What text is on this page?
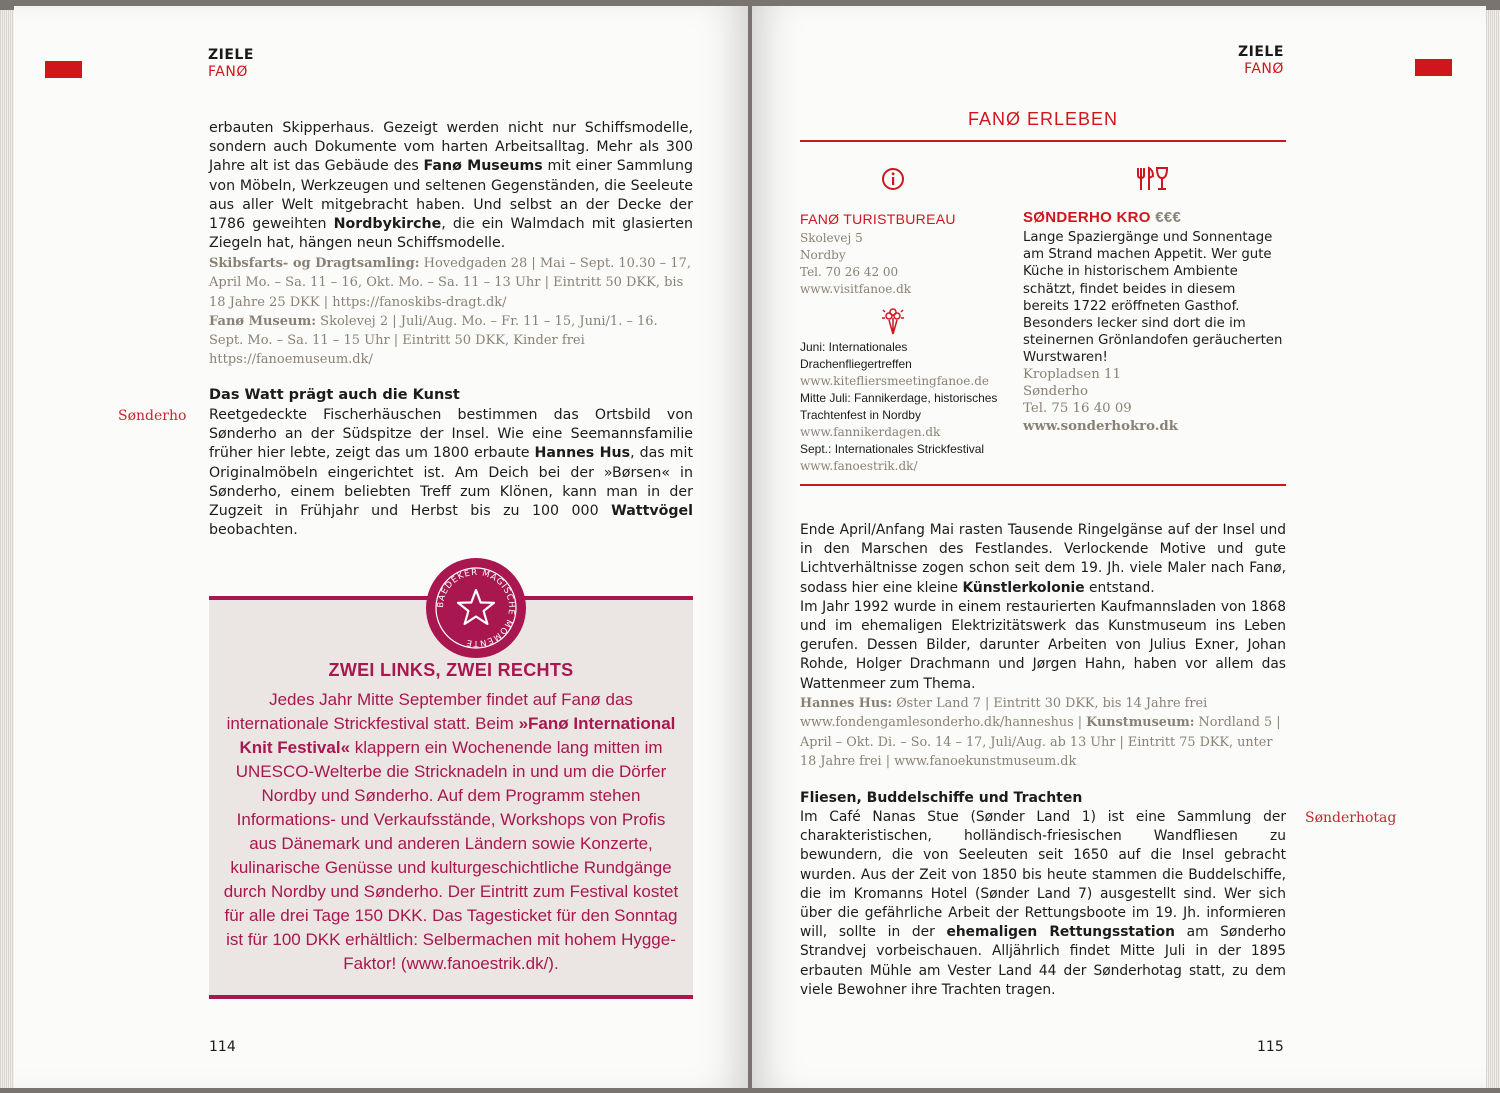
ZIELE
FANØ
erbauten Skipperhaus. Gezeigt werden nicht nur Schiffsmodelle, sondern auch Dokumente vom harten Arbeitsalltag. Mehr als 300 Jahre alt ist das Gebäude des Fanø Museums mit einer Sammlung von Möbeln, Werkzeugen und seltenen Gegenständen, die Seeleute aus aller Welt mitgebracht haben. Und selbst an der Decke der 1786 geweihten Nordbykirche, die ein Walmdach mit glasierten Ziegeln hat, hängen neun Schiffsmodelle.
Skibsfarts- og Dragtsamling: Hovedgaden 28 | Mai – Sept. 10.30 – 17, April Mo. – Sa. 11 – 16, Okt. Mo. – Sa. 11 – 13 Uhr | Eintritt 50 DKK, bis 18 Jahre 25 DKK | https://fanoskibs-dragt.dk/
Fanø Museum: Skolevej 2 | Juli/Aug. Mo. – Fr. 11 – 15, Juni/1. – 16. Sept. Mo. – Sa. 11 – 15 Uhr | Eintritt 50 DKK, Kinder frei https://fanoemuseum.dk/
Das Watt prägt auch die Kunst
Sønderho Reetgedeckte Fischerhäuschen bestimmen das Ortsbild von Sønderho an der Südspitze der Insel. Wie eine Seemannsfamilie früher hier lebte, zeigt das um 1800 erbaute Hannes Hus, das mit Originalmöbeln eingerichtet ist. Am Deich bei der »Børsen« in Sønderho, einem beliebten Treff zum Klönen, kann man in der Zugzeit in Frühjahr und Herbst bis zu 100 000 Wattvögel beobachten.
ZWEI LINKS, ZWEI RECHTS
Jedes Jahr Mitte September findet auf Fanø das internationale Strickfestival statt. Beim »Fanø International Knit Festival« klappern ein Wochenende lang mitten im UNESCO-Welterbe die Stricknadeln in und um die Dörfer Nordby und Sønderho. Auf dem Programm stehen Informations- und Verkaufsstände, Workshops von Profis aus Dänemark und anderen Ländern sowie Konzerte, kulinarische Genüsse und kulturgeschichtliche Rundgänge durch Nordby und Sønderho. Der Eintritt zum Festival kostet für alle drei Tage 150 DKK. Das Tagesticket für den Sonntag ist für 100 DKK erhältlich: Selbermachen mit hohem Hygge-Faktor! (www.fanoestrik.dk/).
BAEDEKER MAGISCHE MOMENTE
114
ZIELE
FANØ
FANØ ERLEBEN
FANØ TURISTBUREAU
Skolevej 5
Nordby
Tel. 70 26 42 00
www.visitfanoe.dk
Juni: Internationales Drachenfliegertreffen
www.kitefliersmeetingfanoe.de
Mitte Juli: Fannikerdage, historisches Trachtenfest in Nordby
www.fannikerdagen.dk
Sept.: Internationales Strickfestival
www.fanoestrik.dk/
SØNDERHO KRO €€€
Lange Spaziergänge und Sonnentage am Strand machen Appetit. Wer gute Küche in historischem Ambiente schätzt, findet beides in diesem bereits 1722 eröffneten Gasthof. Besonders lecker sind dort die im steinernen Grönlandofen geräucherten Wurstwaren!
Kropladsen 11
Sønderho
Tel. 75 16 40 09
www.sonderhokro.dk
Ende April/Anfang Mai rasten Tausende Ringelgänse auf der Insel und in den Marschen des Festlandes. Verlockende Motive und gute Lichtverhältnisse zogen schon seit dem 19. Jh. viele Maler nach Fanø, sodass hier eine kleine Künstlerkolonie entstand.
Im Jahr 1992 wurde in einem restaurierten Kaufmannsladen von 1868 und im ehemaligen Elektrizitätswerk das Kunstmuseum ins Leben gerufen. Dessen Bilder, darunter Arbeiten von Julius Exner, Johan Rohde, Holger Drachmann und Jørgen Hahn, haben vor allem das Wattenmeer zum Thema.
Hannes Hus: Øster Land 7 | Eintritt 30 DKK, bis 14 Jahre frei www.fondengamlesonderho.dk/hanneshus | Kunstmuseum: Nordland 5 | April – Okt. Di. – So. 14 – 17, Juli/Aug. ab 13 Uhr | Eintritt 75 DKK, unter 18 Jahre frei | www.fanoekunstmuseum.dk
Fliesen, Buddelschiffe und Trachten
Sønderhotag
Im Café Nanas Stue (Sønder Land 1) ist eine Sammlung der charakteristischen, holländisch-friesischen Wandfliesen zu bewundern, die von Seeleuten seit 1650 auf die Insel gebracht wurden. Aus der Zeit von 1850 bis heute stammen die Buddelschiffe, die im Kromanns Hotel (Sønder Land 7) ausgestellt sind. Wer sich über die gefährliche Arbeit der Rettungsboote im 19. Jh. informieren will, sollte in der ehemaligen Rettungsstation am Sønderho Strandvej vorbeischauen. Alljährlich findet Mitte Juli in der 1895 erbauten Mühle am Vester Land 44 der Sønderhotag statt, zu dem viele Bewohner ihre Trachten tragen.
115
